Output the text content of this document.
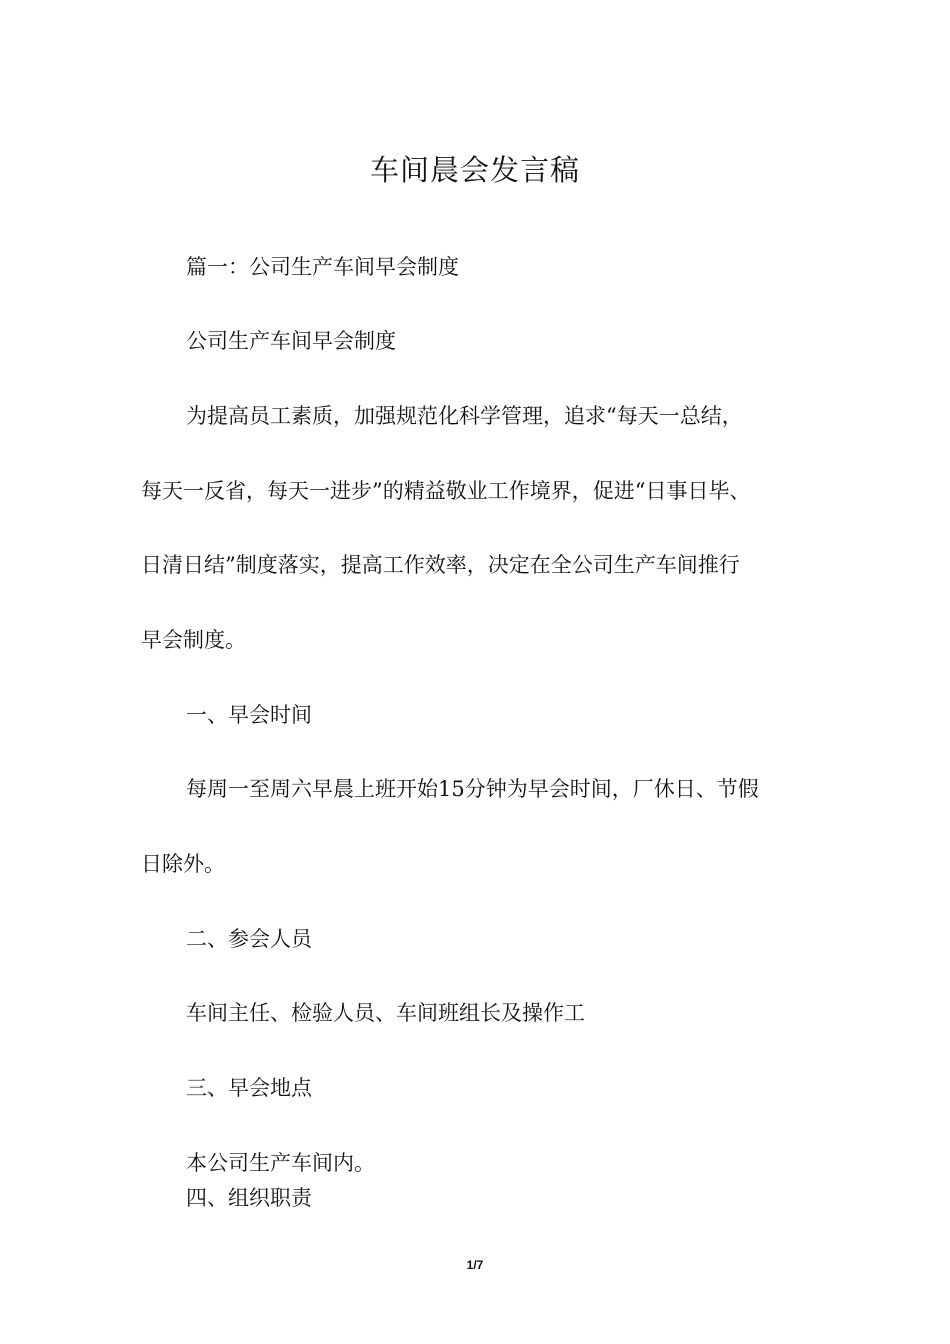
车间晨会发言稿
篇一：公司生产车间早会制度
公司生产车间早会制度
为提高员工素质，加强规范化科学管理，追求“每天一总结，
每天一反省，每天一进步”的精益敬业工作境界，促进“日事日毕、
日清日结”制度落实，提高工作效率，决定在全公司生产车间推行
早会制度。
一、早会时间
每周一至周六早晨上班开始15分钟为早会时间，厂休日、节假
日除外。
二、参会人员
车间主任、检验人员、车间班组长及操作工
三、早会地点
本公司生产车间内。
四、组织职责
1/7
